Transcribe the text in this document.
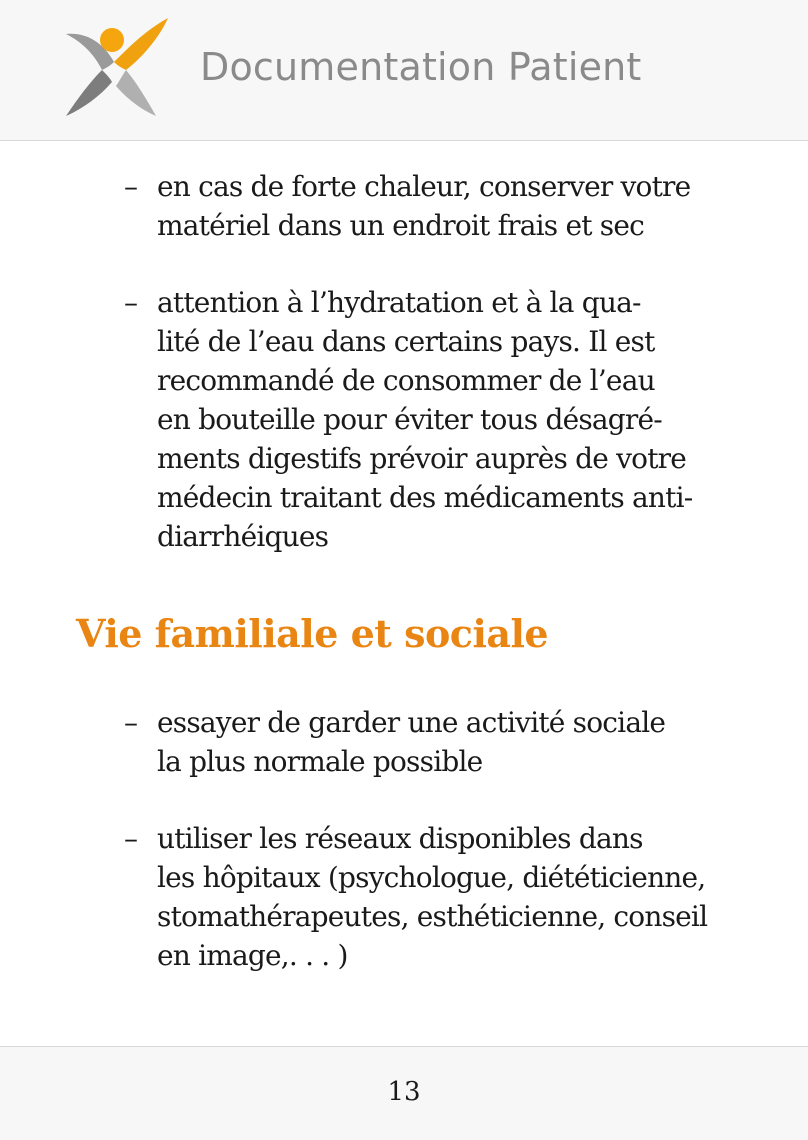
Documentation Patient
– en cas de forte chaleur, conserver votre
matériel dans un endroit frais et sec
– attention à l’hydratation et à la qua-
lité de l’eau dans certains pays. Il est
recommandé de consommer de l’eau
en bouteille pour éviter tous désagré-
ments digestifs prévoir auprès de votre
médecin traitant des médicaments anti-
diarrhéiques
Vie familiale et sociale
– essayer de garder une activité sociale
la plus normale possible
– utiliser les réseaux disponibles dans
les hôpitaux (psychologue, diététicienne,
stomathérapeutes, esthéticienne, conseil
en image,. . . )
13
